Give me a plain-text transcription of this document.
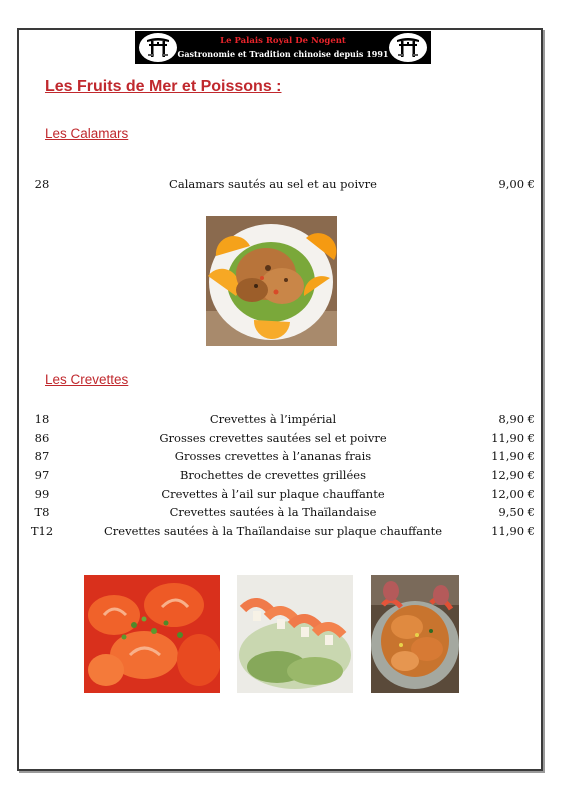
Le Palais Royal De Nogent
Gastronomie et Tradition chinoise depuis 1991
Les Fruits de Mer et Poissons :
Les Calamars
28	Calamars sautés au sel et au poivre	9,00 €
Les Crevettes
18	Crevettes à l’impérial	8,90 €
86	Grosses crevettes sautées sel et poivre	11,90 €
87	Grosses crevettes à l’ananas frais	11,90 €
97	Brochettes de crevettes grillées	12,90 €
99	Crevettes à l’ail sur plaque chauffante	12,00 €
T8	Crevettes sautées à la Thaïlandaise	9,50 €
T12	Crevettes sautées à la Thaïlandaise sur plaque chauffante	11,90 €
